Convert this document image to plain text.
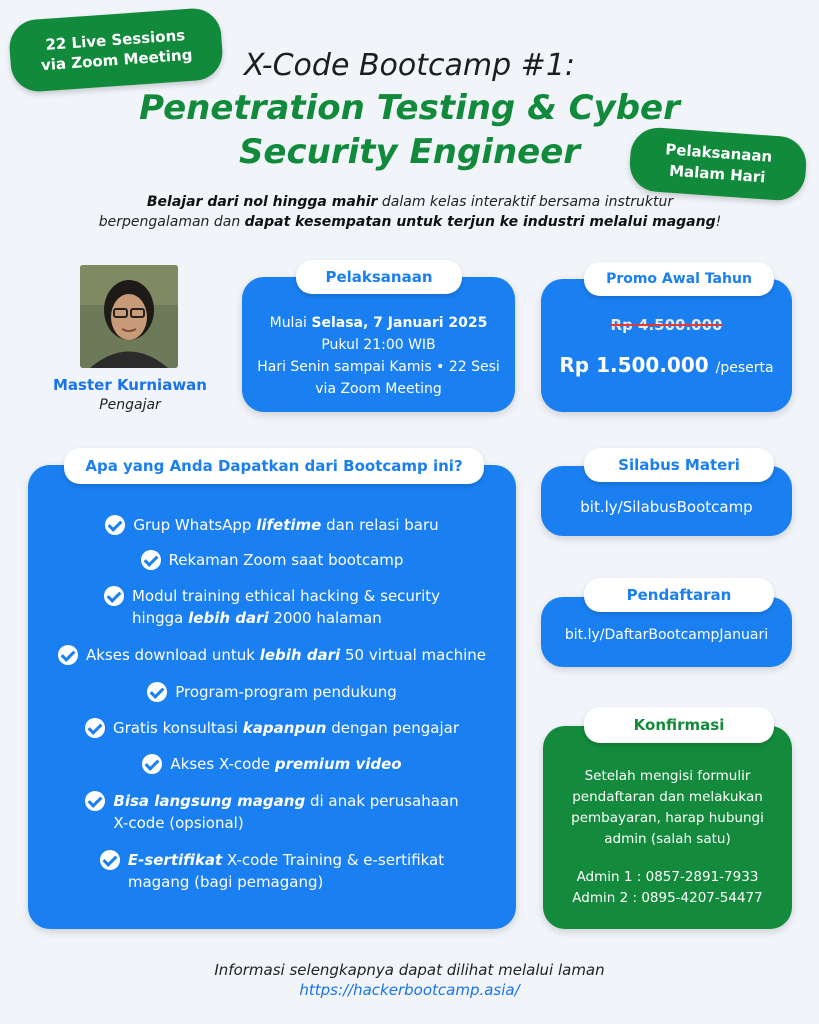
22 Live Sessions
via Zoom Meeting
Pelaksanaan
Malam Hari
X-Code Bootcamp #1:
Penetration Testing & Cyber
Security Engineer
Belajar dari nol hingga mahir dalam kelas interaktif bersama instruktur
berpengalaman dan dapat kesempatan untuk terjun ke industri melalui magang!
Master Kurniawan
Pengajar
Mulai Selasa, 7 Januari 2025
Pukul 21:00 WIB
Hari Senin sampai Kamis • 22 Sesi
via Zoom Meeting
Pelaksanaan
Rp 4.500.000
Rp 1.500.000 /peserta
Promo Awal Tahun
Grup WhatsApp lifetime dan relasi baru
Rekaman Zoom saat bootcamp
Modul training ethical hacking & security
hingga lebih dari 2000 halaman
Akses download untuk lebih dari 50 virtual machine
Program-program pendukung
Gratis konsultasi kapanpun dengan pengajar
Akses X-code premium video
Bisa langsung magang di anak perusahaan
X-code (opsional)
E-sertifikat X-code Training & e-sertifikat
magang (bagi pemagang)
Apa yang Anda Dapatkan dari Bootcamp ini?
bit.ly/SilabusBootcamp
Silabus Materi
bit.ly/DaftarBootcampJanuari
Pendaftaran
Setelah mengisi formulir
pendaftaran dan melakukan
pembayaran, harap hubungi
admin (salah satu)
Admin 1 : 0857-2891-7933
Admin 2 : 0895-4207-54477
Konfirmasi
Informasi selengkapnya dapat dilihat melalui laman
https://hackerbootcamp.asia/
